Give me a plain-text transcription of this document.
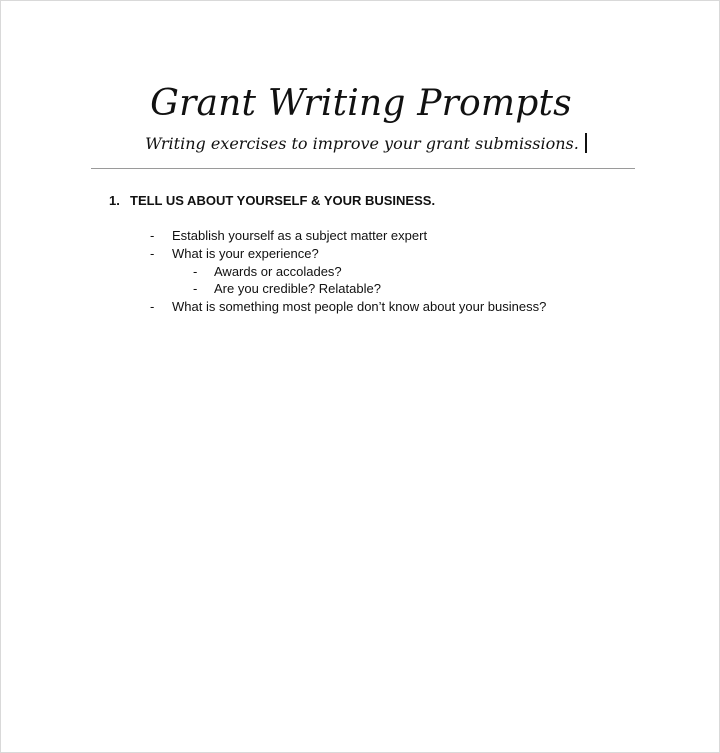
Grant Writing Prompts
Writing exercises to improve your grant submissions.
1. TELL US ABOUT YOURSELF & YOUR BUSINESS.
- Establish yourself as a subject matter expert
- What is your experience?
- Awards or accolades?
- Are you credible? Relatable?
- What is something most people don’t know about your business?
